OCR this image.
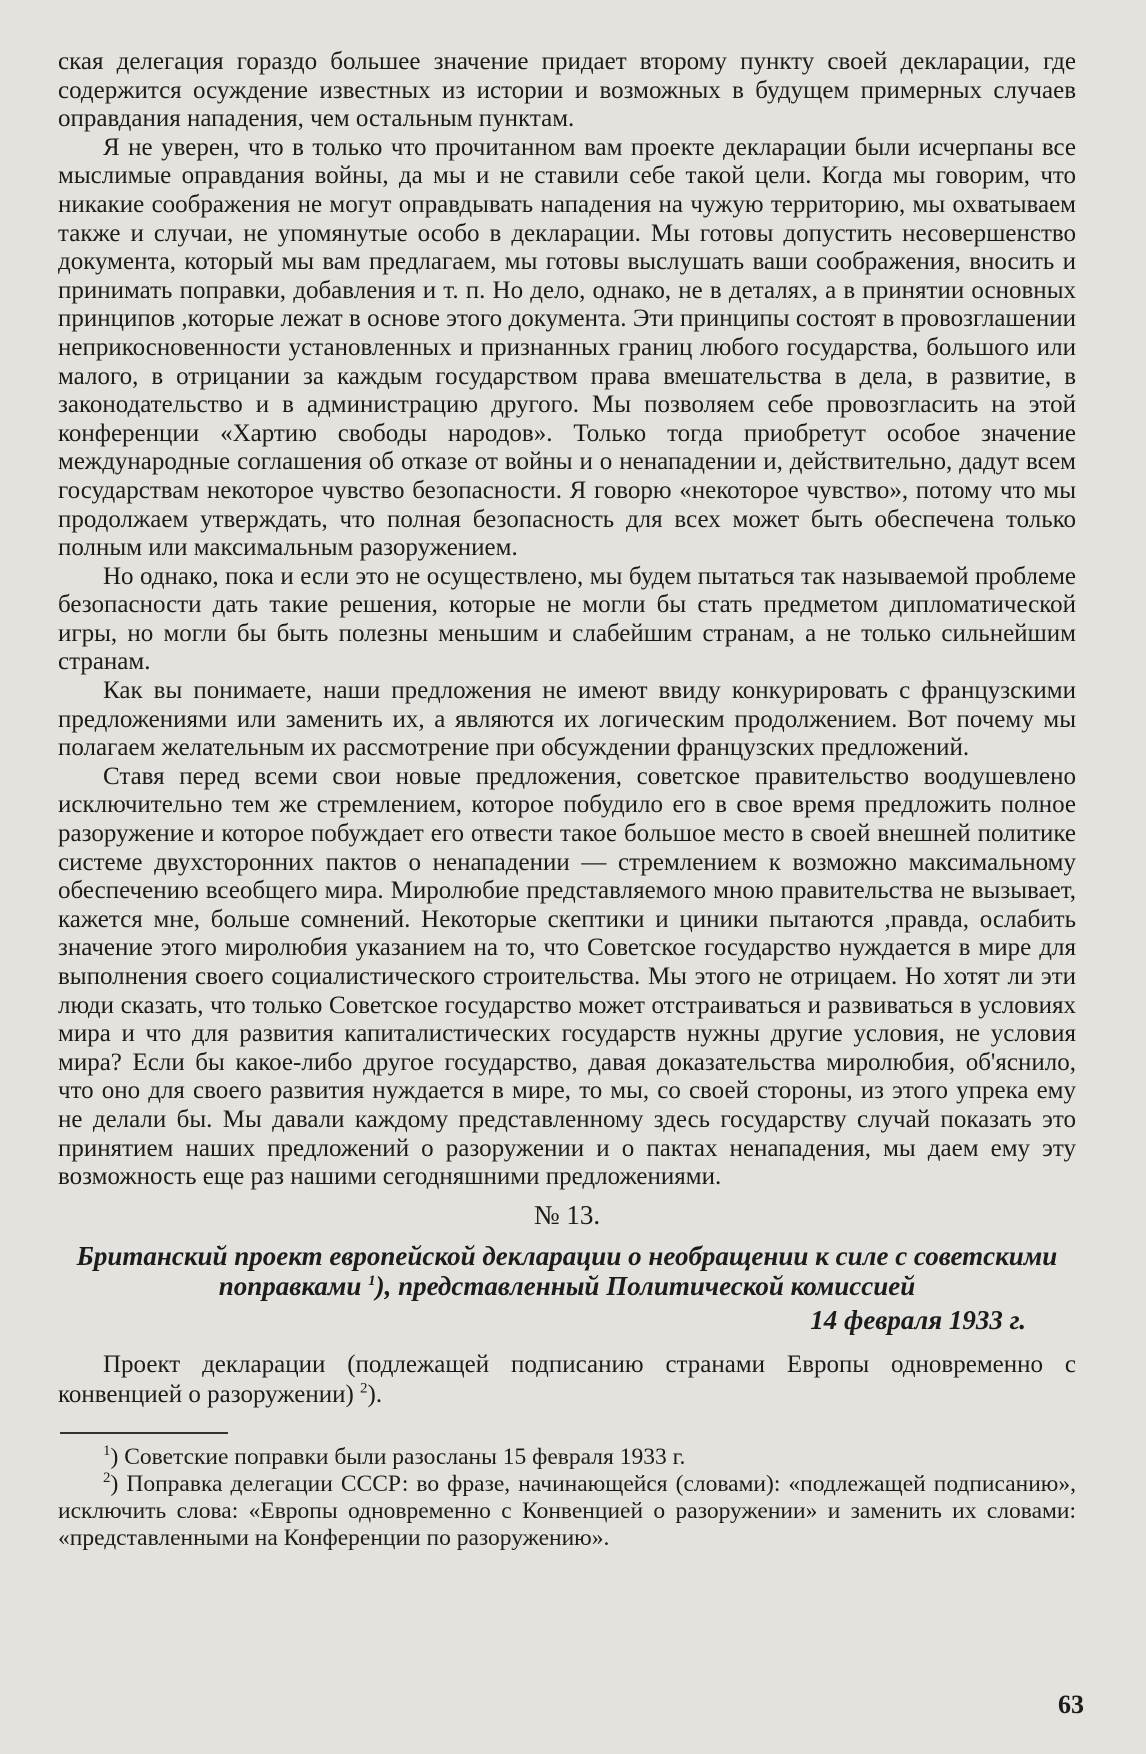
ская делегация гораздо большее значение придает второму пункту своей декларации, где содержится осуждение известных из истории и возможных в будущем примерных случаев оправдания нападения, чем остальным пунктам.

Я не уверен, что в только что прочитанном вам проекте декларации были исчерпаны все мыслимые оправдания войны, да мы и не ставили себе такой цели. Когда мы говорим, что никакие соображения не могут оправдывать нападения на чужую территорию, мы охватываем также и случаи, не упомянутые особо в декларации. Мы готовы допустить несовершенство документа, который мы вам предлагаем, мы готовы выслушать ваши соображения, вносить и принимать поправки, добавления и т. п. Но дело, однако, не в деталях, а в принятии основных принципов ,которые лежат в основе этого документа. Эти принципы состоят в провозглашении неприкосновенности установленных и признанных границ любого государства, большого или малого, в отрицании за каждым государством права вмешательства в дела, в развитие, в законодательство и в администрацию другого. Мы позволяем себе провозгласить на этой конференции «Хартию свободы народов». Только тогда приобретут особое значение международные соглашения об отказе от войны и о ненападении и, действительно, дадут всем государствам некоторое чувство безопасности. Я говорю «некоторое чувство», потому что мы продолжаем утверждать, что полная безопасность для всех может быть обеспечена только полным или максимальным разоружением.

Но однако, пока и если это не осуществлено, мы будем пытаться так называемой проблеме безопасности дать такие решения, которые не могли бы стать предметом дипломатической игры, но могли бы быть полезны меньшим и слабейшим странам, а не только сильнейшим странам.

Как вы понимаете, наши предложения не имеют ввиду конкурировать с французскими предложениями или заменить их, а являются их логическим продолжением. Вот почему мы полагаем желательным их рассмотрение при обсуждении французских предложений.

Ставя перед всеми свои новые предложения, советское правительство воодушевлено исключительно тем же стремлением, которое побудило его в свое время предложить полное разоружение и которое побуждает его отвести такое большое место в своей внешней политике системе двухсторонних пактов о ненападении — стремлением к возможно максимальному обеспечению всеобщего мира. Миролюбие представляемого мною правительства не вызывает, кажется мне, больше сомнений. Некоторые скептики и циники пытаются ,правда, ослабить значение этого миролюбия указанием на то, что Советское государство нуждается в мире для выполнения своего социалистического строительства. Мы этого не отрицаем. Но хотят ли эти люди сказать, что только Советское государство может отстраиваться и развиваться в условиях мира и что для развития капиталистических государств нужны другие условия, не условия мира? Если бы какое-либо другое государство, давая доказательства миролюбия, об'яснило, что оно для своего развития нуждается в мире, то мы, со своей стороны, из этого упрека ему не делали бы. Мы давали каждому представленному здесь государству случай показать это принятием наших предложений о разоружении и о пактах ненападения, мы даем ему эту возможность еще раз нашими сегодняшними предложениями.

№ 13.
Британский проект европейской декларации о необращении к силе с советскими поправками $^1$), представленный Политической комиссией
14 февраля 1933 г.

Проект декларации (подлежащей подписанию странами Европы одновременно с конвенцией о разоружении) $^2$).

$^1$) Советские поправки были разосланы 15 февраля 1933 г.

$^2$) Поправка делегации СССР: во фразе, начинающейся (словами): «подлежащей подписанию», исключить слова: «Европы одновременно с Конвенцией о разоружении» и заменить их словами: «представленными на Конференции по разоружению».

63
